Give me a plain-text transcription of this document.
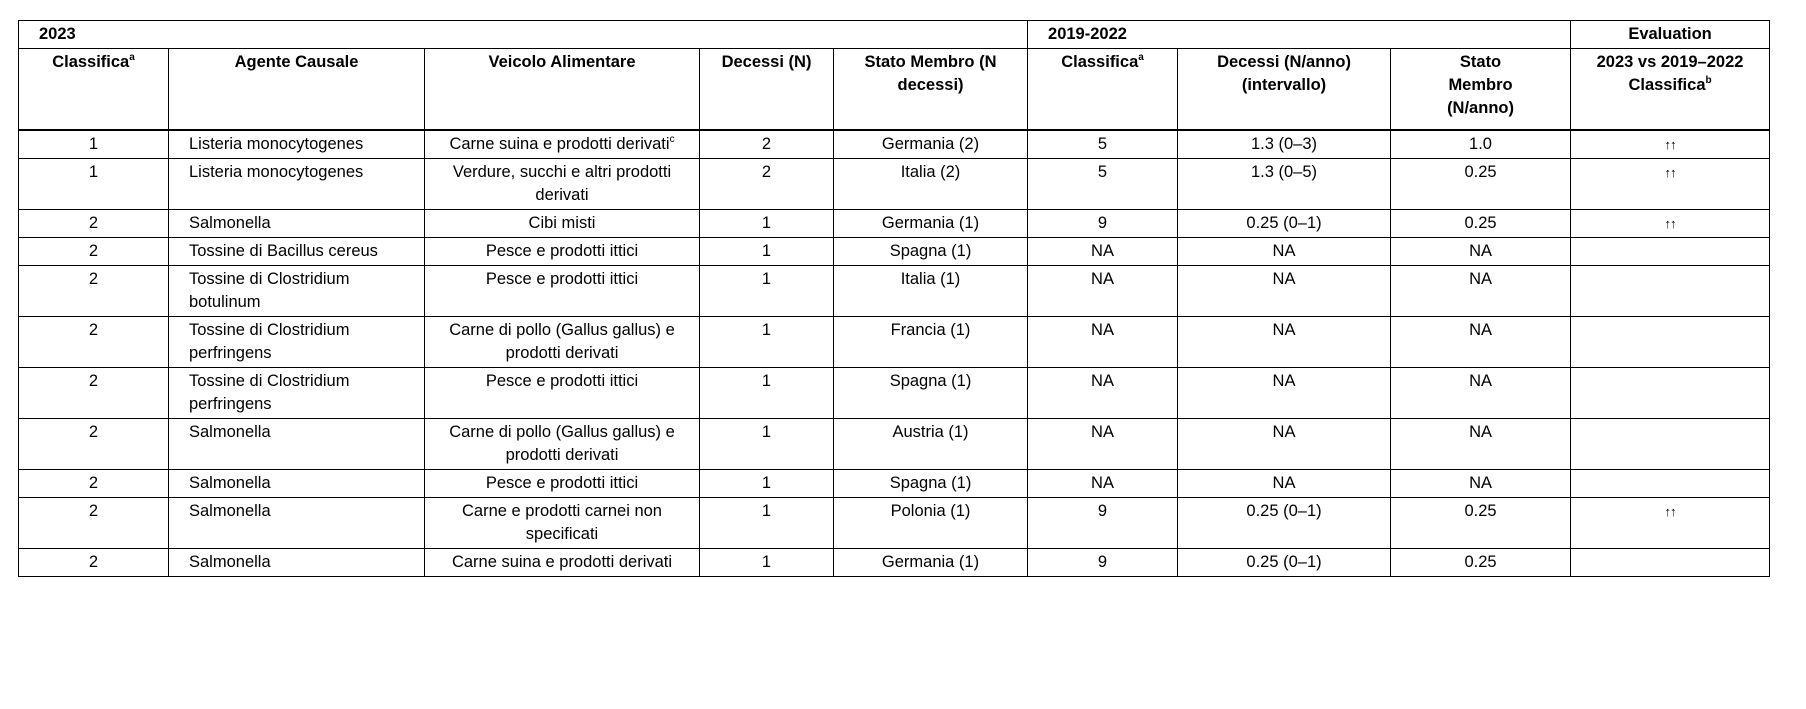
2023					2019-2022			Evaluation
Classifica$^a$	Agente Causale	Veicolo Alimentare	Decessi (N)	Stato Membro (N decessi)	Classifica$^a$	Decessi (N/anno) (intervallo)	Stato Membro (N/anno)	2023 vs 2019–2022 Classifica$^b$
1	Listeria monocytogenes	Carne suina e prodotti derivati$^c$	2	Germania (2)	5	1.3 (0–3)	1.0	↑↑
1	Listeria monocytogenes	Verdure, succhi e altri prodotti derivati	2	Italia (2)	5	1.3 (0–5)	0.25	↑↑
2	Salmonella	Cibi misti	1	Germania (1)	9	0.25 (0–1)	0.25	↑↑
2	Tossine di Bacillus cereus	Pesce e prodotti ittici	1	Spagna (1)	NA	NA	NA	
2	Tossine di Clostridium botulinum	Pesce e prodotti ittici	1	Italia (1)	NA	NA	NA	
2	Tossine di Clostridium perfringens	Carne di pollo (Gallus gallus) e prodotti derivati	1	Francia (1)	NA	NA	NA	
2	Tossine di Clostridium perfringens	Pesce e prodotti ittici	1	Spagna (1)	NA	NA	NA	
2	Salmonella	Carne di pollo (Gallus gallus) e prodotti derivati	1	Austria (1)	NA	NA	NA	
2	Salmonella	Pesce e prodotti ittici	1	Spagna (1)	NA	NA	NA	
2	Salmonella	Carne e prodotti carnei non specificati	1	Polonia (1)	9	0.25 (0–1)	0.25	↑↑
2	Salmonella	Carne suina e prodotti derivati	1	Germania (1)	9	0.25 (0–1)	0.25	
